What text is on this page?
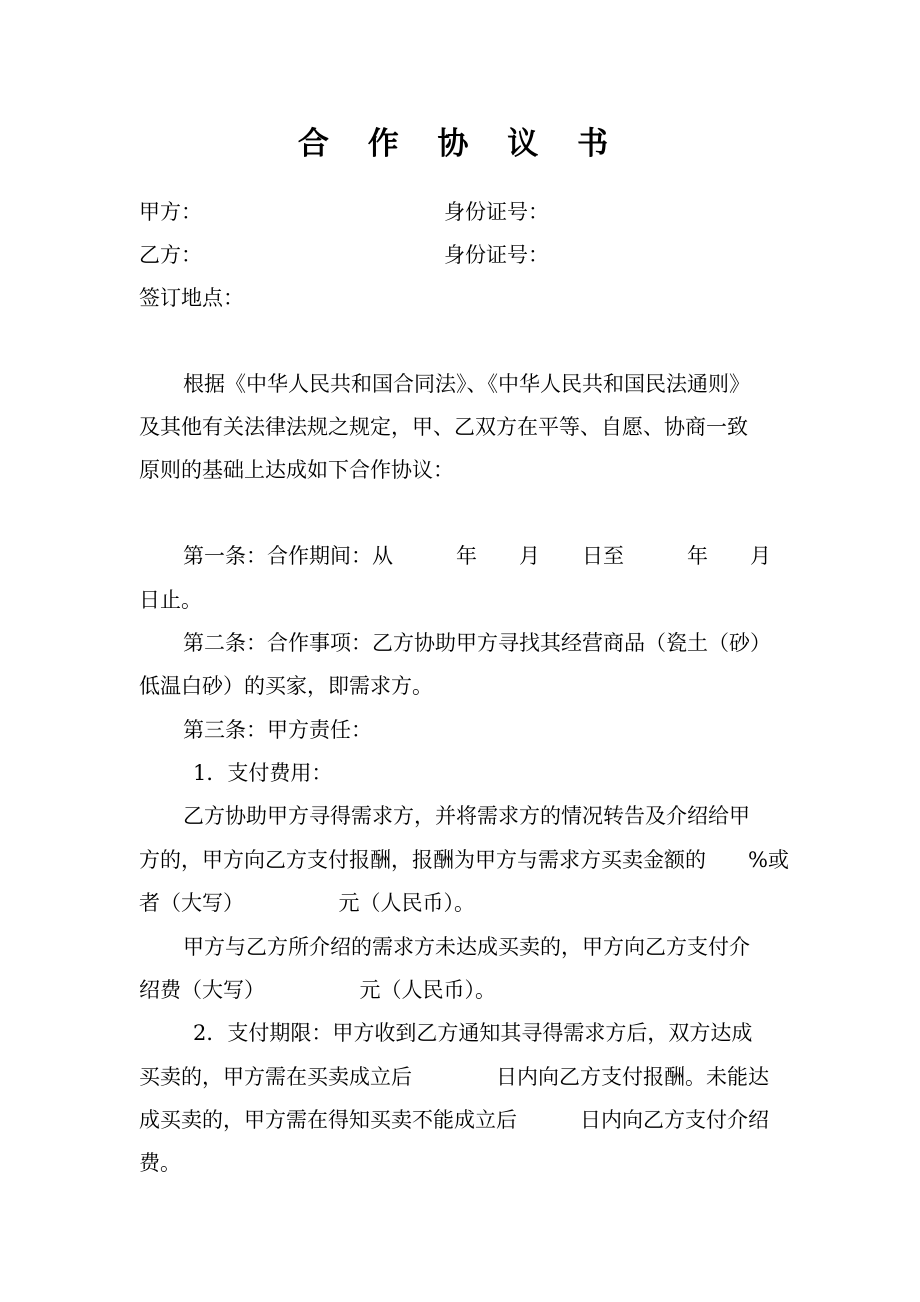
合 作 协 议 书
甲方：	身份证号：
乙方：	身份证号：
签订地点：
根据《中华人民共和国合同法》、《中华人民共和国民法通则》
及其他有关法律法规之规定，甲、乙双方在平等、自愿、协商一致
原则的基础上达成如下合作协议：
第一条：合作期间：从　　　年　　月　　日至　　　年　　月
日止。
第二条：合作事项：乙方协助甲方寻找其经营商品（瓷土（砂）
低温白砂）的买家，即需求方。
第三条：甲方责任：
1．支付费用：
乙方协助甲方寻得需求方，并将需求方的情况转告及介绍给甲
方的，甲方向乙方支付报酬，报酬为甲方与需求方买卖金额的　　%或
者（大写）　　　　　元（人民币）。
甲方与乙方所介绍的需求方未达成买卖的，甲方向乙方支付介
绍费（大写）　　　　　元（人民币）。
2．支付期限：甲方收到乙方通知其寻得需求方后，双方达成
买卖的，甲方需在买卖成立后　　　　日内向乙方支付报酬。未能达
成买卖的，甲方需在得知买卖不能成立后　　　日内向乙方支付介绍
费。
